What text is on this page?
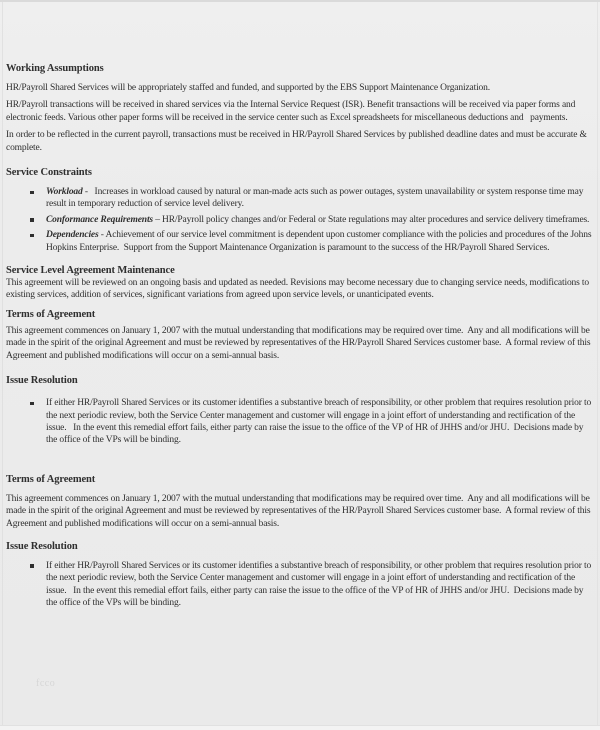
Working Assumptions

HR/Payroll Shared Services will be appropriately staffed and funded, and supported by the EBS Support Maintenance Organization.

HR/Payroll transactions will be received in shared services via the Internal Service Request (ISR). Benefit transactions will be received via paper forms and electronic feeds. Various other paper forms will be received in the service center such as Excel spreadsheets for miscellaneous deductions and   payments.

In order to be reflected in the current payroll, transactions must be received in HR/Payroll Shared Services by published deadline dates and must be accurate & complete.

Service Constraints
Workload -   Increases in workload caused by natural or man-made acts such as power outages, system unavailability or system response time may result in temporary reduction of service level delivery.
Conformance Requirements – HR/Payroll policy changes and/or Federal or State regulations may alter procedures and service delivery timeframes.
Dependencies - Achievement of our service level commitment is dependent upon customer compliance with the policies and procedures of the Johns Hopkins Enterprise.  Support from the Support Maintenance Organization is paramount to the success of the HR/Payroll Shared Services.
Service Level Agreement Maintenance

This agreement will be reviewed on an ongoing basis and updated as needed. Revisions may become necessary due to changing service needs, modifications to existing services, addition of services, significant variations from agreed upon service levels, or unanticipated events.

Terms of Agreement

This agreement commences on January 1, 2007 with the mutual understanding that modifications may be required over time.  Any and all modifications will be made in the spirit of the original Agreement and must be reviewed by representatives of the HR/Payroll Shared Services customer base.  A formal review of this Agreement and published modifications will occur on a semi-annual basis.

Issue Resolution
If either HR/Payroll Shared Services or its customer identifies a substantive breach of responsibility, or other problem that requires resolution prior to the next periodic review, both the Service Center management and customer will engage in a joint effort of understanding and rectification of the issue.   In the event this remedial effort fails, either party can raise the issue to the office of the VP of HR of JHHS and/or JHU.  Decisions made by the office of the VPs will be binding.
Terms of Agreement

This agreement commences on January 1, 2007 with the mutual understanding that modifications may be required over time.  Any and all modifications will be made in the spirit of the original Agreement and must be reviewed by representatives of the HR/Payroll Shared Services customer base.  A formal review of this Agreement and published modifications will occur on a semi-annual basis.

Issue Resolution
If either HR/Payroll Shared Services or its customer identifies a substantive breach of responsibility, or other problem that requires resolution prior to the next periodic review, both the Service Center management and customer will engage in a joint effort of understanding and rectification of the issue.   In the event this remedial effort fails, either party can raise the issue to the office of the VP of HR of JHHS and/or JHU.  Decisions made by the office of the VPs will be binding.
fcco
